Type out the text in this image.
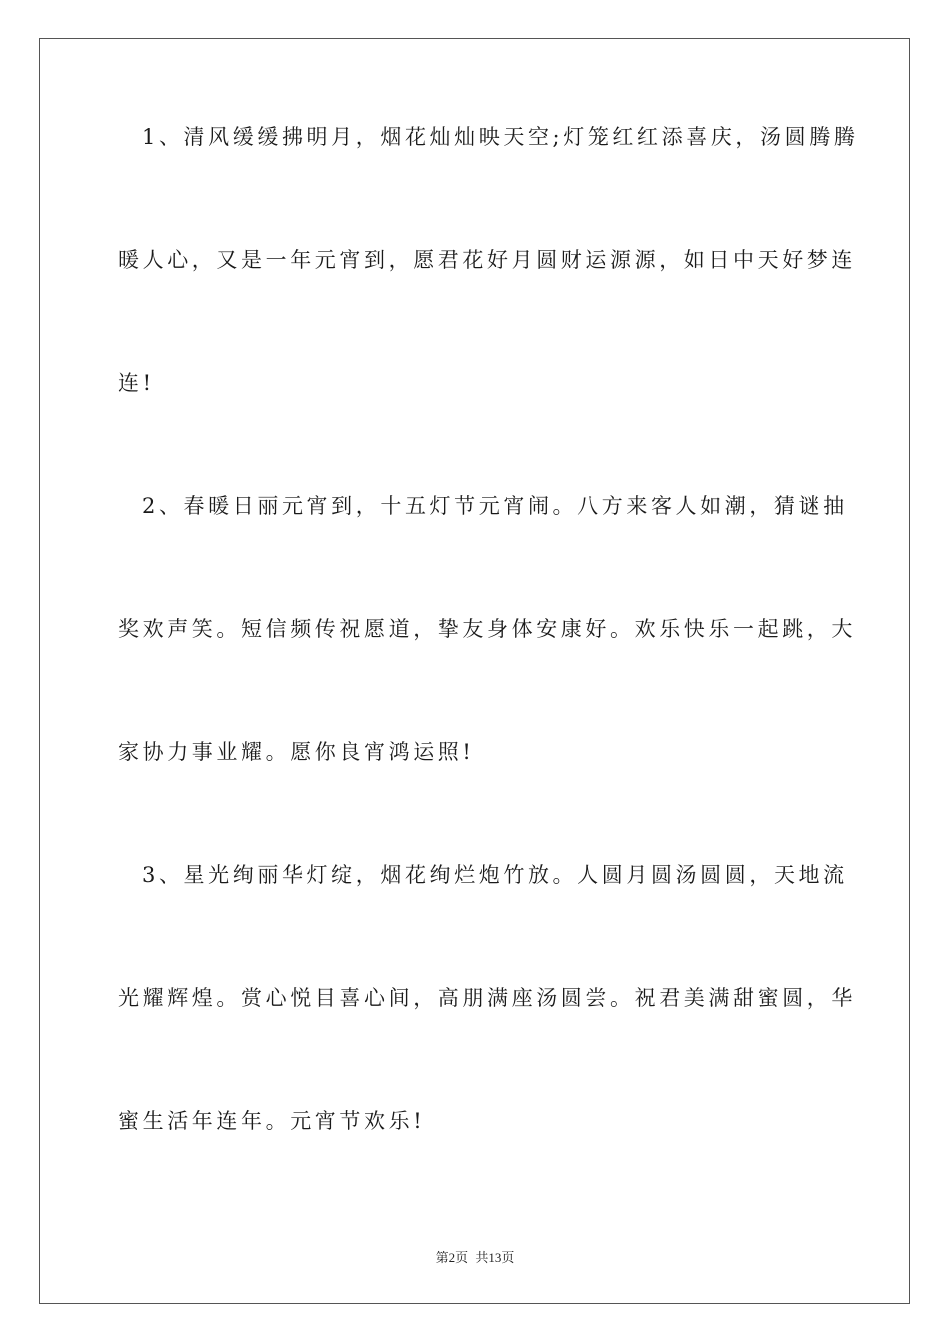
1、清风缓缓拂明月，烟花灿灿映天空;灯笼红红添喜庆，汤圆腾腾
暖人心，又是一年元宵到，愿君花好月圆财运源源，如日中天好梦连
连!
2、春暖日丽元宵到，十五灯节元宵闹。八方来客人如潮，猜谜抽
奖欢声笑。短信频传祝愿道，挚友身体安康好。欢乐快乐一起跳，大
家协力事业耀。愿你良宵鸿运照!
3、星光绚丽华灯绽，烟花绚烂炮竹放。人圆月圆汤圆圆，天地流
光耀辉煌。赏心悦目喜心间，高朋满座汤圆尝。祝君美满甜蜜圆，华
蜜生活年连年。元宵节欢乐!
第2页 共13页
